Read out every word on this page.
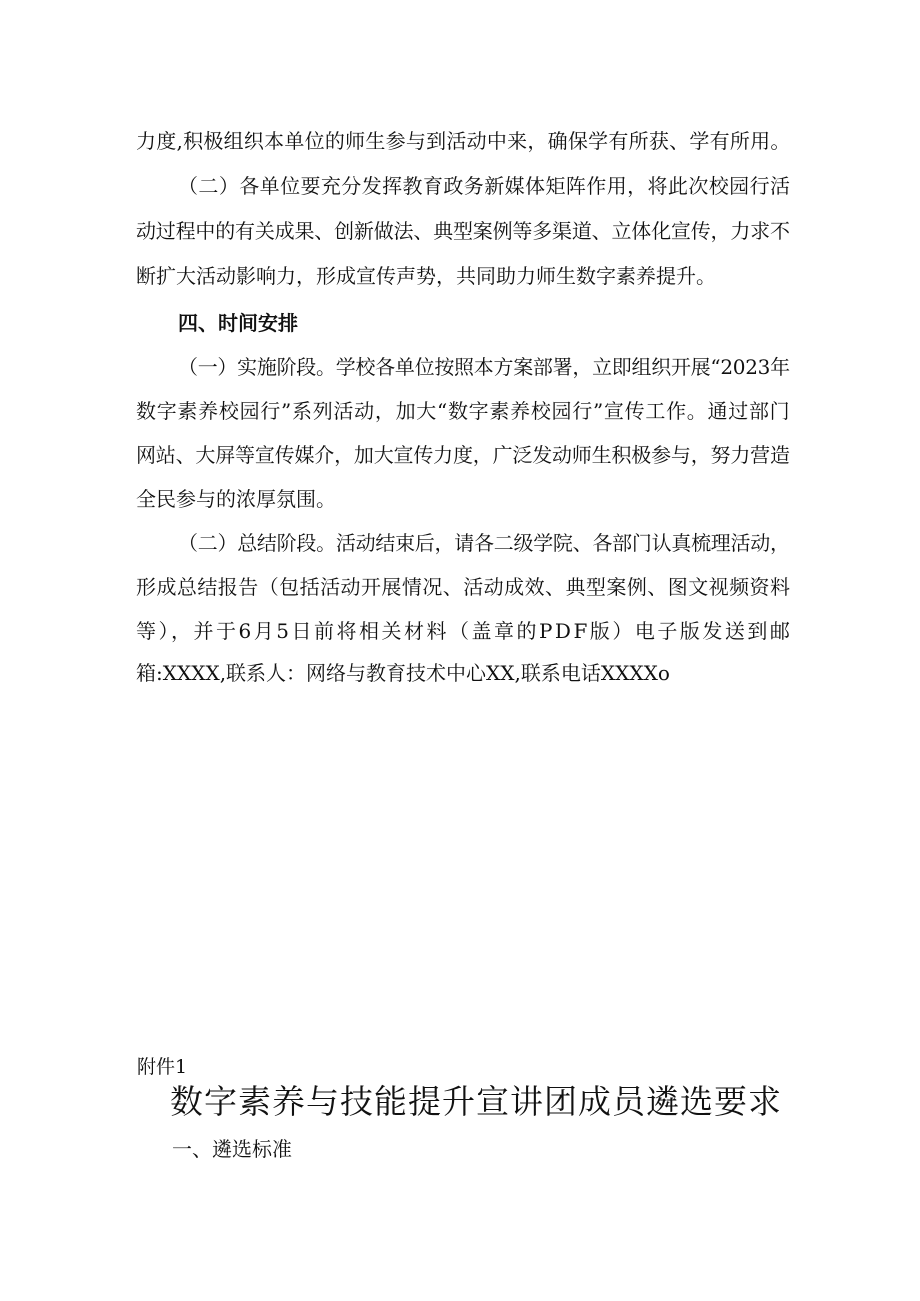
力度,积极组织本单位的师生参与到活动中来，确保学有所获、学有所用。

（二）各单位要充分发挥教育政务新媒体矩阵作用，将此次校园行活

动过程中的有关成果、创新做法、典型案例等多渠道、立体化宣传，力求不

断扩大活动影响力，形成宣传声势，共同助力师生数字素养提升。

四、时间安排

（一）实施阶段。学校各单位按照本方案部署，立即组织开展“2023年

数字素养校园行”系列活动，加大“数字素养校园行”宣传工作。通过部门

网站、大屏等宣传媒介，加大宣传力度，广泛发动师生积极参与，努力营造

全民参与的浓厚氛围。

（二）总结阶段。活动结束后，请各二级学院、各部门认真梳理活动，

形成总结报告（包括活动开展情况、活动成效、典型案例、图文视频资料

等），并于6月5日前将相关材料（盖章的PDF版）电子版发送到邮

箱:XXXX,联系人：网络与教育技术中心XX,联系电话XXXXo

附件1

数字素养与技能提升宣讲团成员遴选要求

一、遴选标准
